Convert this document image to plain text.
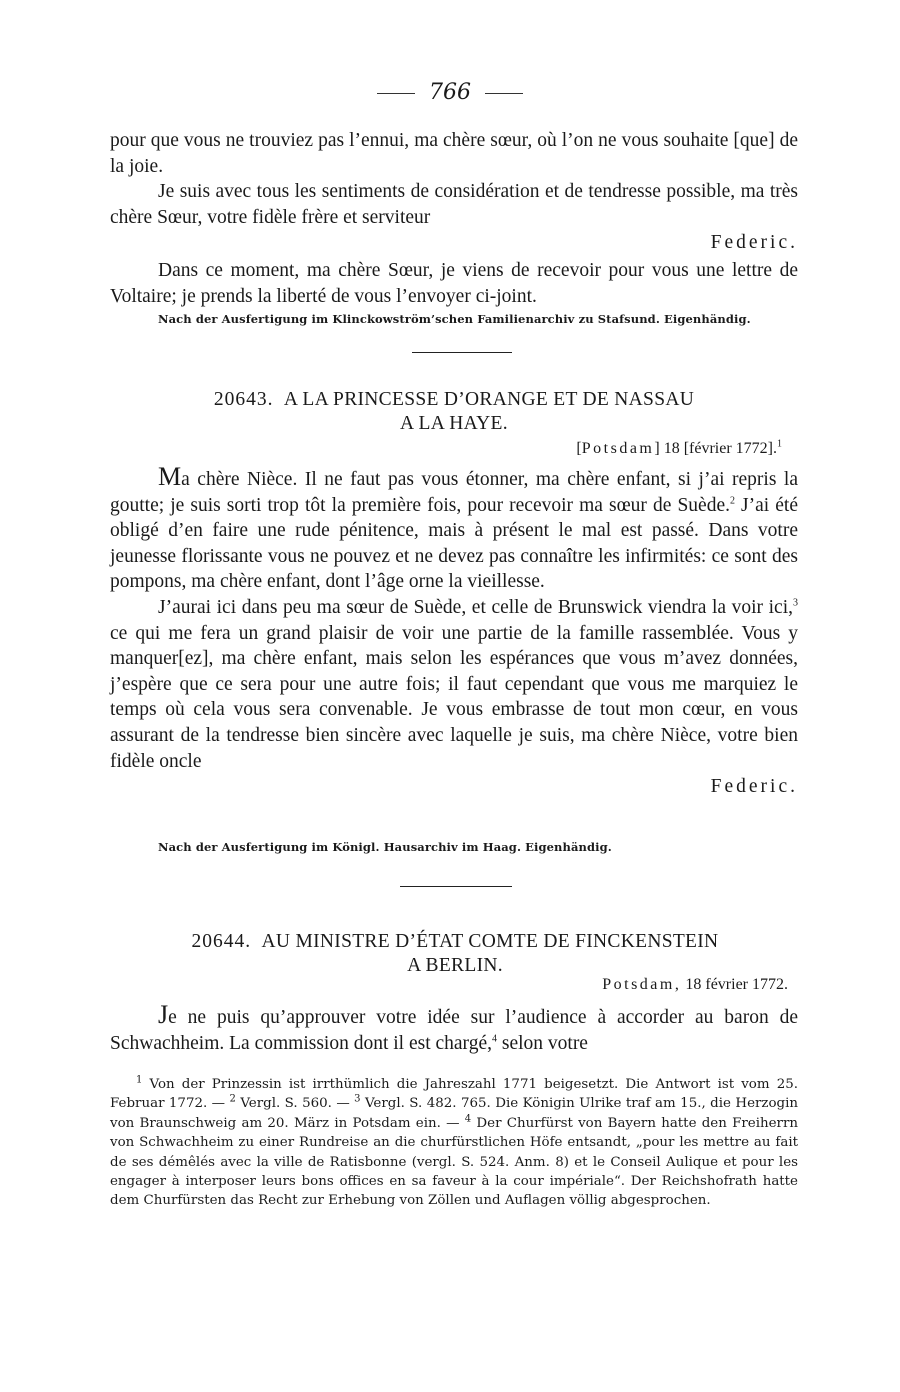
766

pour que vous ne trouviez pas l’ennui, ma chère sœur, où l’on ne vous souhaite [que] de la joie.

Je suis avec tous les sentiments de considération et de tendresse possible, ma très chère Sœur, votre fidèle frère et serviteur

Federic.

Dans ce moment, ma chère Sœur, je viens de recevoir pour vous une lettre de Voltaire; je prends la liberté de vous l’envoyer ci-joint.

Nach der Ausfertigung im Klinckowström’schen Familienarchiv zu Stafsund. Eigenhändig.
20643. A LA PRINCESSE D’ORANGE ET DE NASSAU
A LA HAYE.
[Potsdam] 18 [février 1772].$^1$

Ma chère Nièce. Il ne faut pas vous étonner, ma chère enfant, si j’ai repris la goutte; je suis sorti trop tôt la première fois, pour recevoir ma sœur de Suède.$^2$ J’ai été obligé d’en faire une rude pénitence, mais à présent le mal est passé. Dans votre jeunesse florissante vous ne pouvez et ne devez pas connaître les infirmités: ce sont des pompons, ma chère enfant, dont l’âge orne la vieillesse.

J’aurai ici dans peu ma sœur de Suède, et celle de Brunswick viendra la voir ici,$^3$ ce qui me fera un grand plaisir de voir une partie de la famille rassemblée. Vous y manquer[ez], ma chère enfant, mais selon les espérances que vous m’avez données, j’espère que ce sera pour une autre fois; il faut cependant que vous me marquiez le temps où cela vous sera convenable. Je vous embrasse de tout mon cœur, en vous assurant de la tendresse bien sincère avec laquelle je suis, ma chère Nièce, votre bien fidèle oncle

Federic.

Nach der Ausfertigung im Königl. Hausarchiv im Haag. Eigenhändig.
20644. AU MINISTRE D’ÉTAT COMTE DE FINCKENSTEIN
A BERLIN.
Potsdam, 18 février 1772.

Je ne puis qu’approuver votre idée sur l’audience à accorder au baron de Schwachheim. La commission dont il est chargé,$^4$ selon votre

$^1$ Von der Prinzessin ist irrthümlich die Jahreszahl 1771 beigesetzt. Die Antwort ist vom 25. Februar 1772. — $^2$ Vergl. S. 560. — $^3$ Vergl. S. 482. 765. Die Königin Ulrike traf am 15., die Herzogin von Braunschweig am 20. März in Potsdam ein. — $^4$ Der Churfürst von Bayern hatte den Freiherrn von Schwachheim zu einer Rundreise an die churfürstlichen Höfe entsandt, „pour les mettre au fait de ses démêlés avec la ville de Ratisbonne (vergl. S. 524. Anm. 8) et le Conseil Aulique et pour les engager à interposer leurs bons offices en sa faveur à la cour impériale“. Der Reichshofrath hatte dem Churfürsten das Recht zur Erhebung von Zöllen und Auflagen völlig abgesprochen.
